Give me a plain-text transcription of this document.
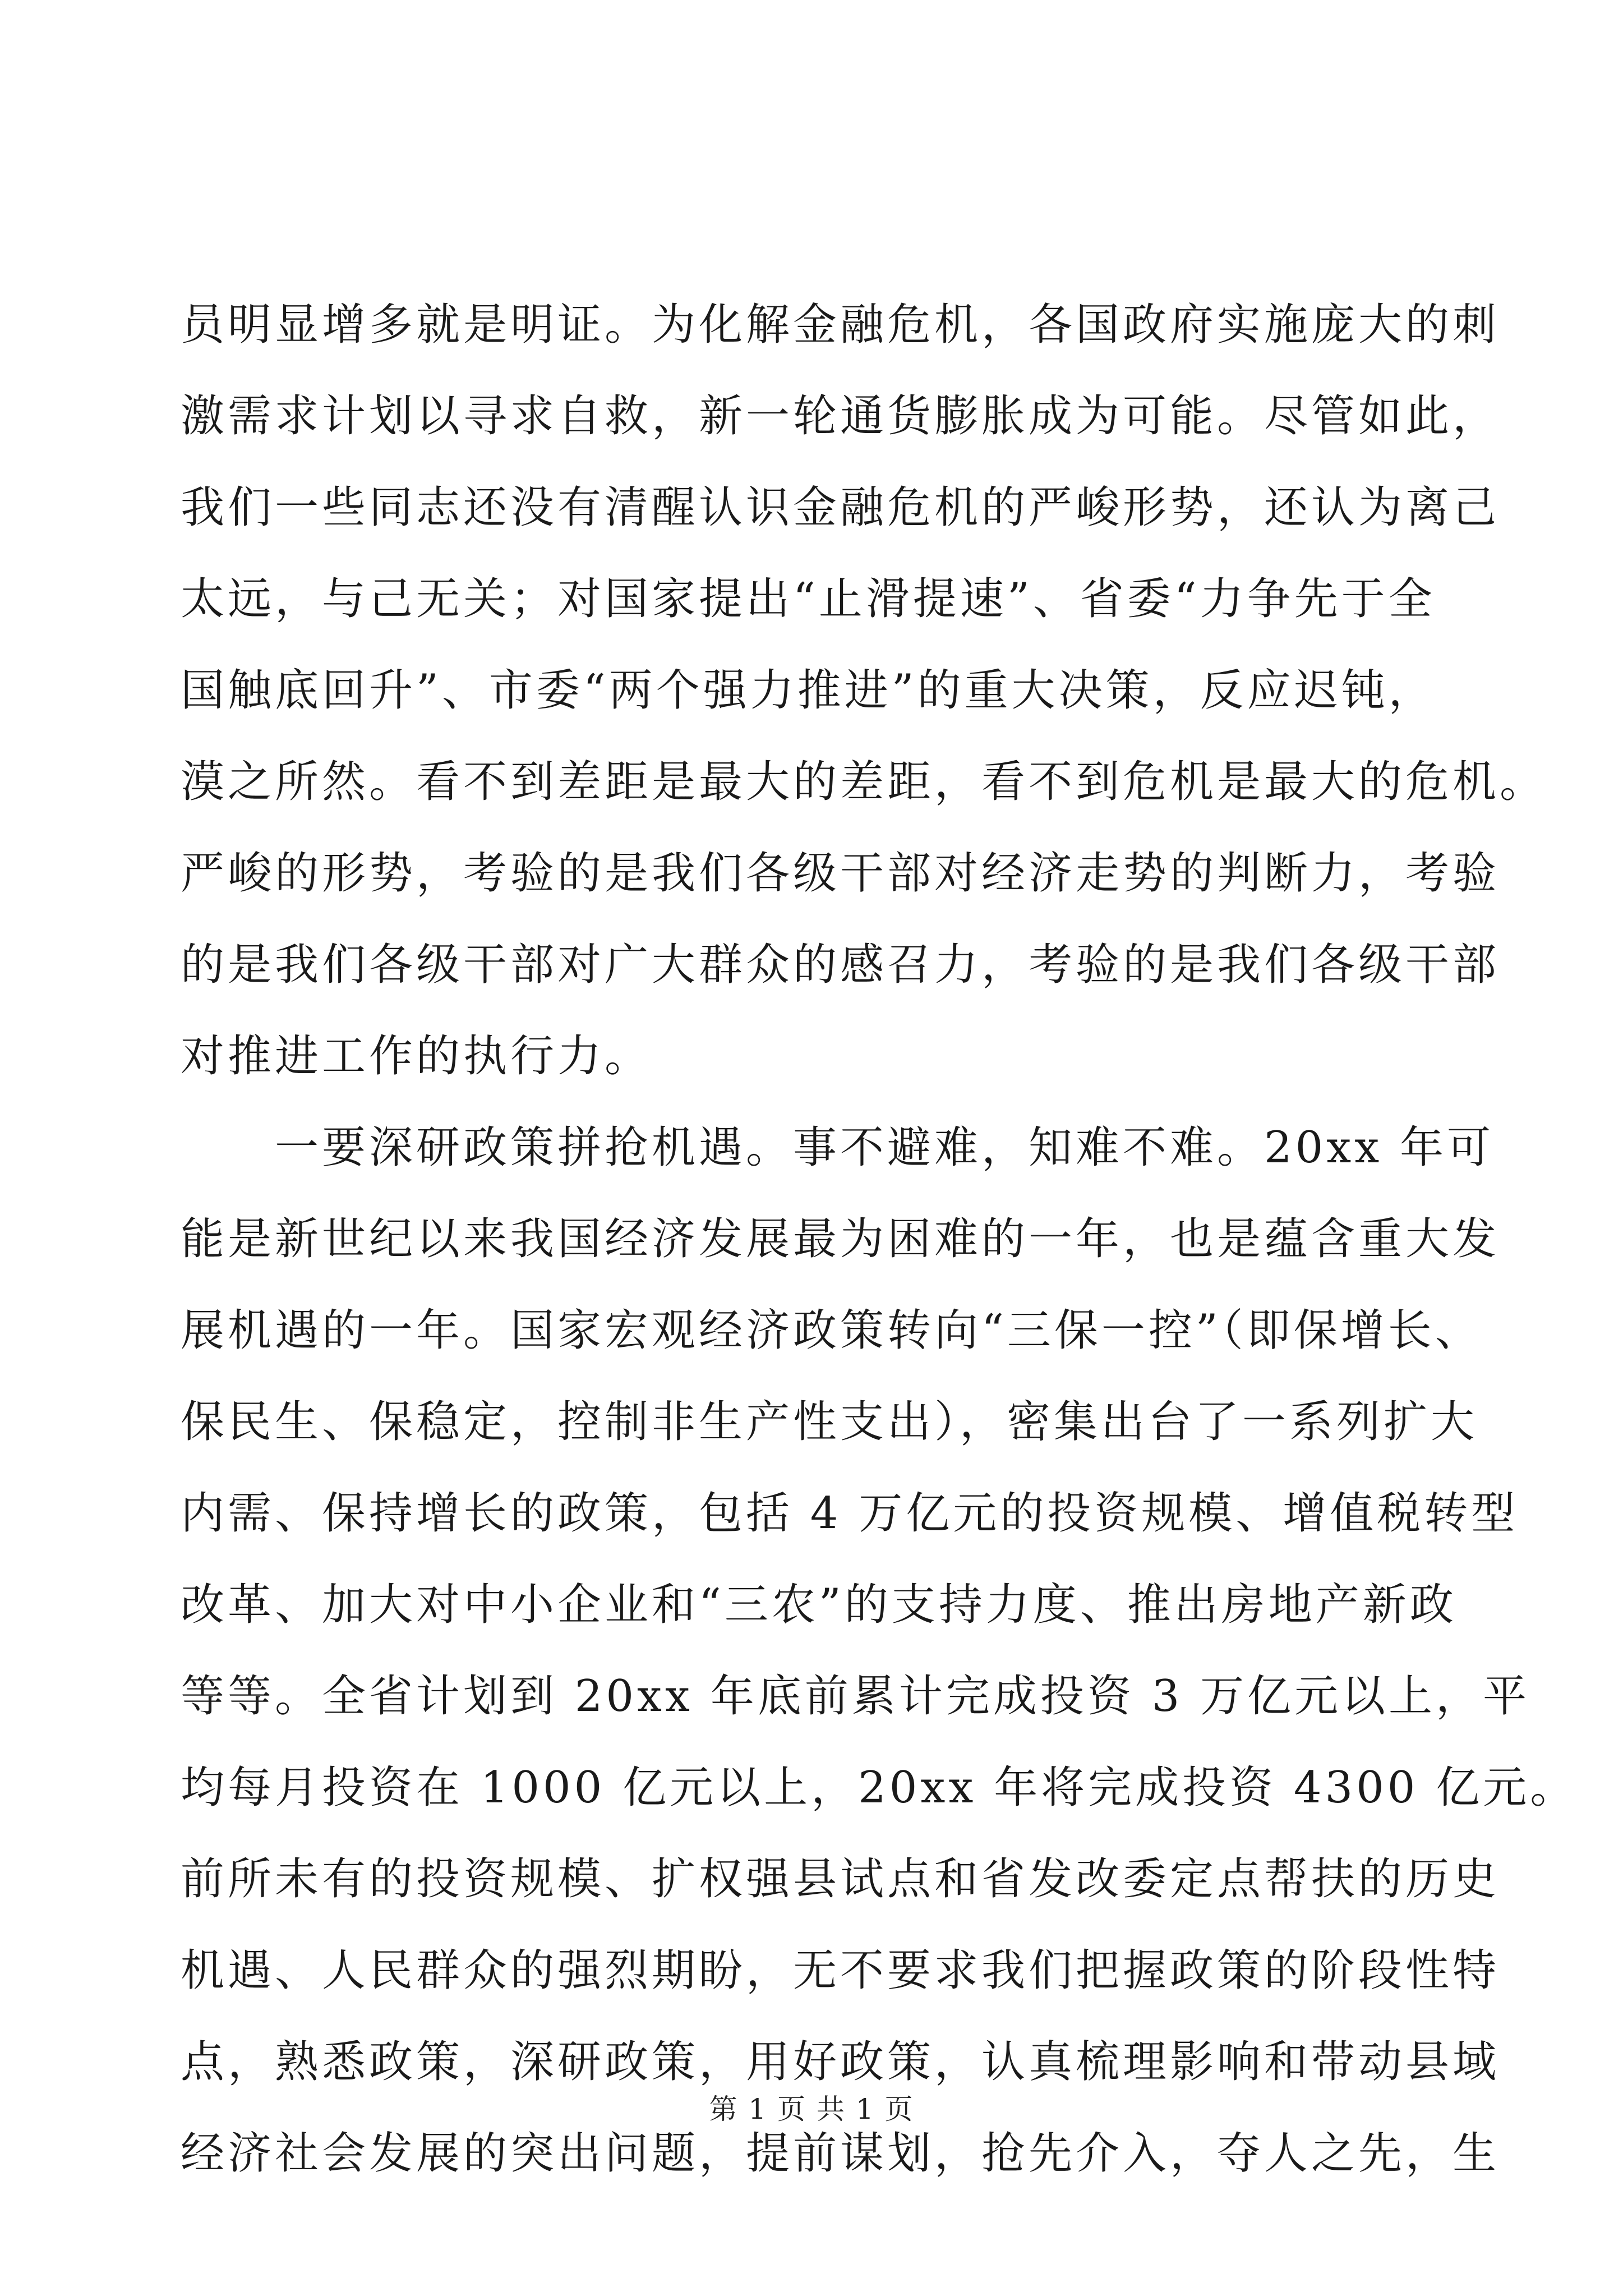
员明显增多就是明证。为化解金融危机，各国政府实施庞大的刺
激需求计划以寻求自救，新一轮通货膨胀成为可能。尽管如此，
我们一些同志还没有清醒认识金融危机的严峻形势，还认为离己
太远，与己无关；对国家提出“止滑提速”、省委“力争先于全
国触底回升”、市委“两个强力推进”的重大决策，反应迟钝，
漠之所然。看不到差距是最大的差距，看不到危机是最大的危机。
严峻的形势，考验的是我们各级干部对经济走势的判断力，考验
的是我们各级干部对广大群众的感召力，考验的是我们各级干部
对推进工作的执行力。
　　一要深研政策拼抢机遇。事不避难，知难不难。20xx 年可
能是新世纪以来我国经济发展最为困难的一年，也是蕴含重大发
展机遇的一年。国家宏观经济政策转向“三保一控”（即保增长、
保民生、保稳定，控制非生产性支出），密集出台了一系列扩大
内需、保持增长的政策，包括 4 万亿元的投资规模、增值税转型
改革、加大对中小企业和“三农”的支持力度、推出房地产新政
等等。全省计划到 20xx 年底前累计完成投资 3 万亿元以上，平
均每月投资在 1000 亿元以上，20xx 年将完成投资 4300 亿元。
前所未有的投资规模、扩权强县试点和省发改委定点帮扶的历史
机遇、人民群众的强烈期盼，无不要求我们把握政策的阶段性特
点，熟悉政策，深研政策，用好政策，认真梳理影响和带动县域
经济社会发展的突出问题，提前谋划，抢先介入，夺人之先，生
第 1 页 共 1 页
